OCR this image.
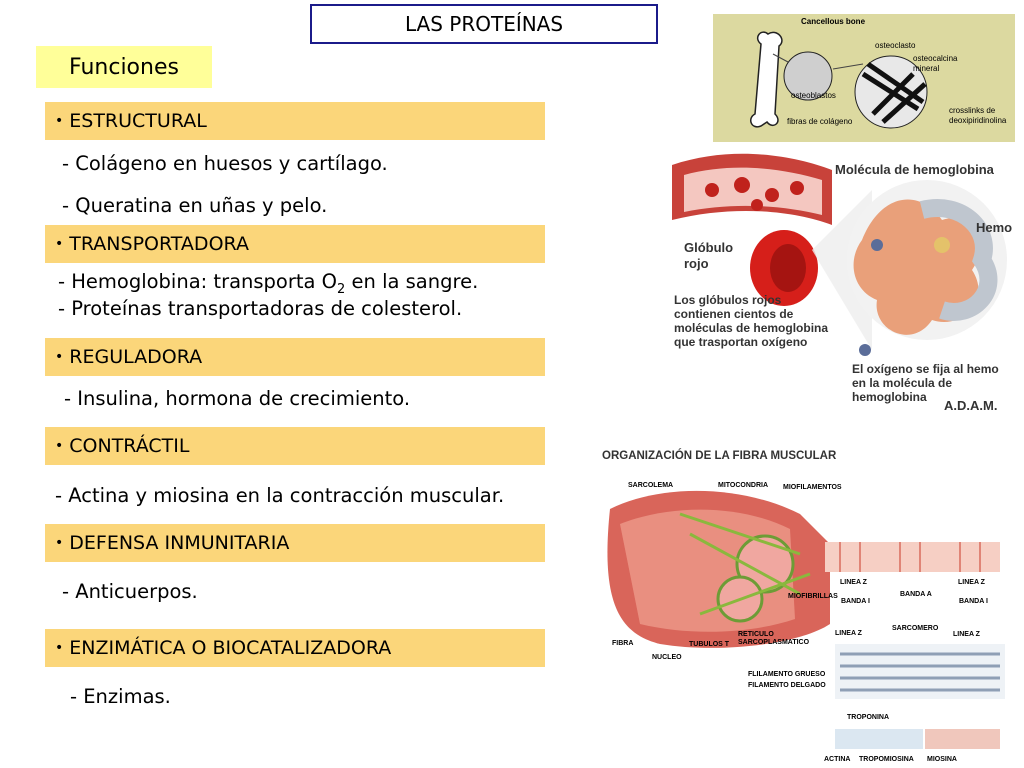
LAS PROTEÍNAS
Funciones
• ESTRUCTURAL
- Colágeno en huesos y cartílago.
- Queratina en uñas y pelo.
• TRANSPORTADORA
- Hemoglobina: transporta $O_2$ en la sangre.
- Proteínas transportadoras de colesterol.
• REGULADORA
- Insulina, hormona de crecimiento.
• CONTRÁCTIL
- Actina y miosina en la contracción muscular.
• DEFENSA INMUNITARIA
- Anticuerpos.
• ENZIMÁTICA O BIOCATALIZADORA
- Enzimas.
Cancellous bone
osteoclasto
osteocalcina mineral
osteoblastos
fibras de colágeno
crosslinks de deoxipiridinolina
Molécula de hemoglobina
Hemo
Glóbulo rojo
Los glóbulos rojos contienen cientos de moléculas de hemoglobina que trasportan oxígeno
El oxígeno se fija al hemo en la molécula de hemoglobina
A.D.A.M.
ORGANIZACIÓN DE LA FIBRA MUSCULAR
SARCOLEMA	MITOCONDRIA MIOFILAMENTOS
LINEA Z	LINEA Z
BANDA A
BANDA I	BANDA I
MIOFIBRILLAS
FIBRA
NUCLEO
TUBULOS T
RETICULO SARCOPLASMATICO
LINEA Z
SARCOMERO
LINEA Z
FLILAMENTO GRUESO
FILAMENTO DELGADO
TROPONINA
ACTINA TROPOMIOSINA MIOSINA
